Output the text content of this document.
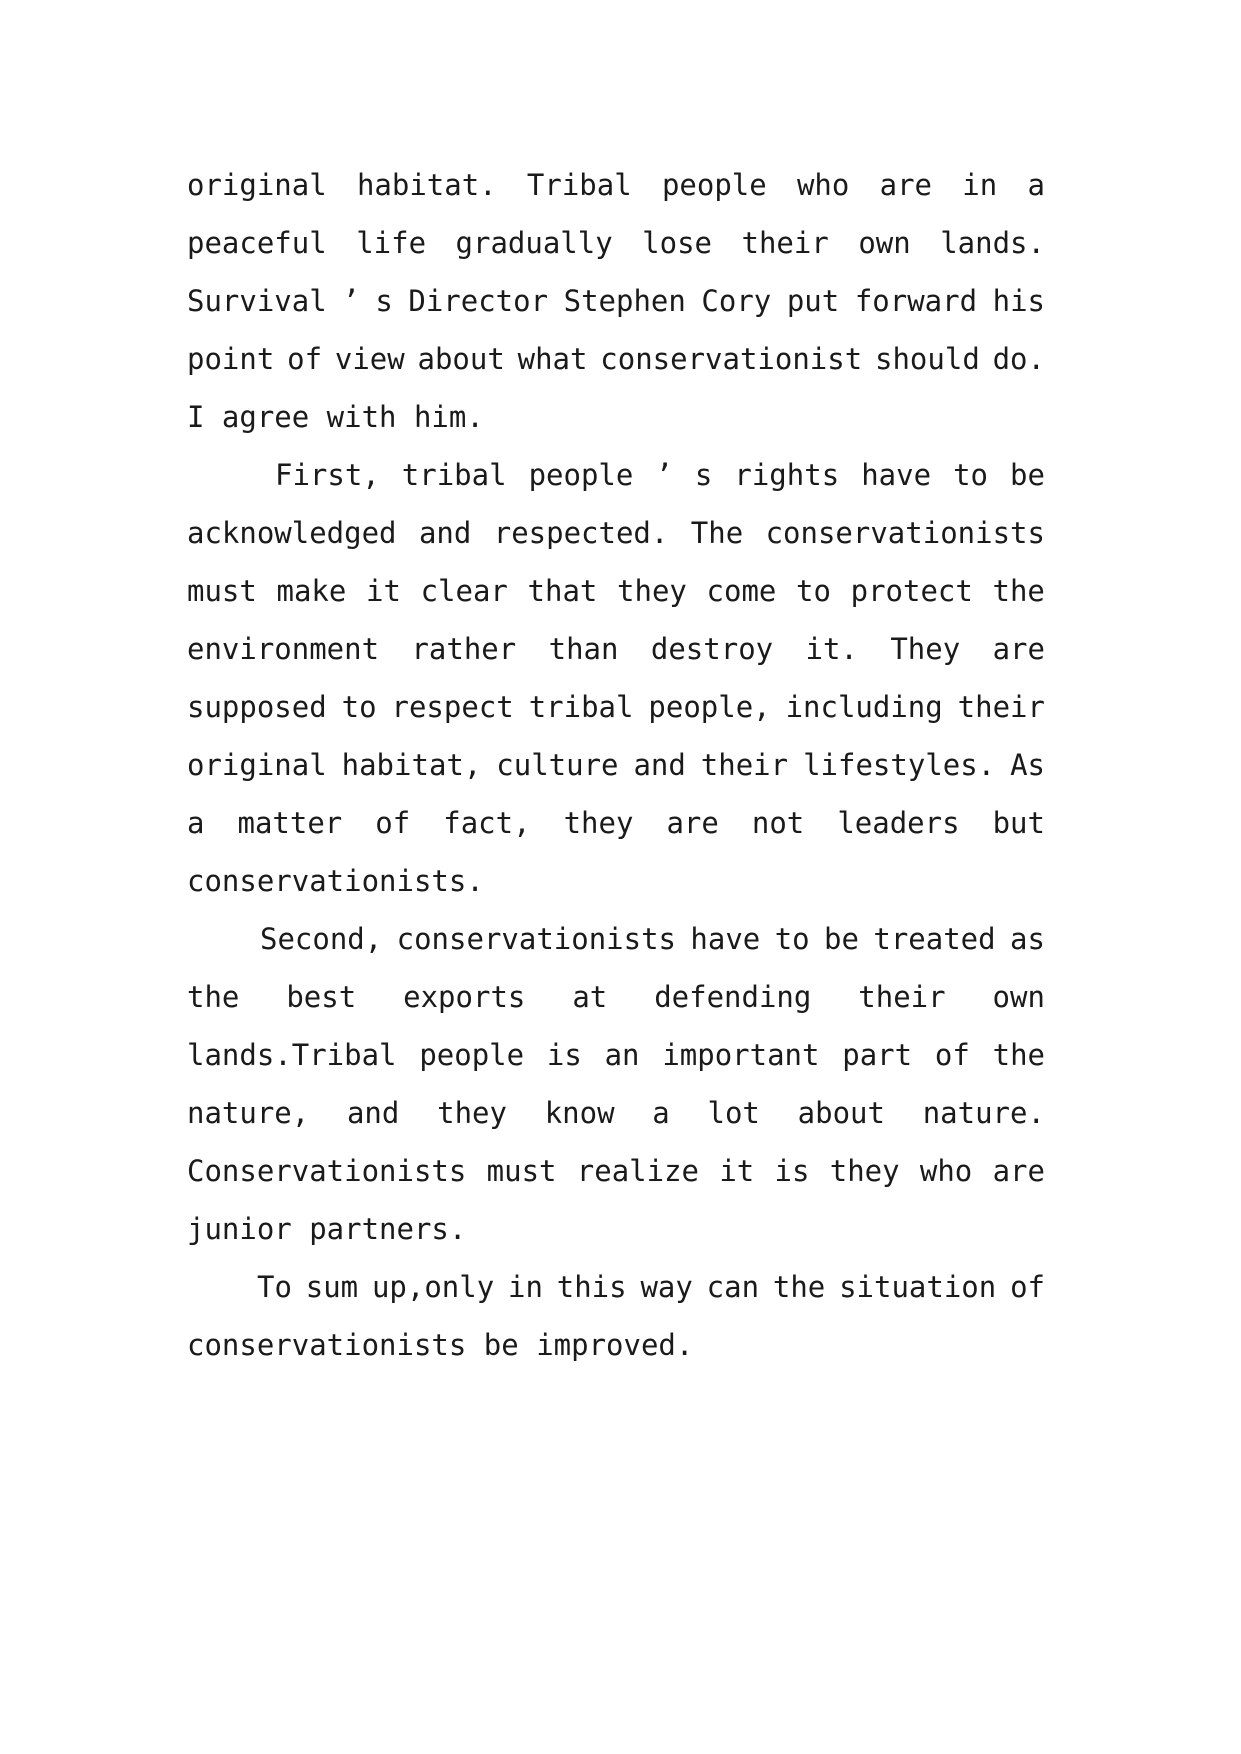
original habitat. Tribal people who are in a
peaceful life gradually lose their own lands.
Survival ’ s Director Stephen Cory put forward his
point of view about what conservationist should do.
I agree with him.
First, tribal people ’ s rights have to be
acknowledged and respected. The conservationists
must make it clear that they come to protect the
environment rather than destroy it. They are
supposed to respect tribal people, including their
original habitat, culture and their lifestyles. As
a matter of fact, they are not leaders but
conservationists.
Second, conservationists have to be treated as
the best exports at defending their own
lands.Tribal people is an important part of the
nature, and they know a lot about nature.
Conservationists must realize it is they who are
junior partners.
To sum up,only in this way can the situation of
conservationists be improved.
